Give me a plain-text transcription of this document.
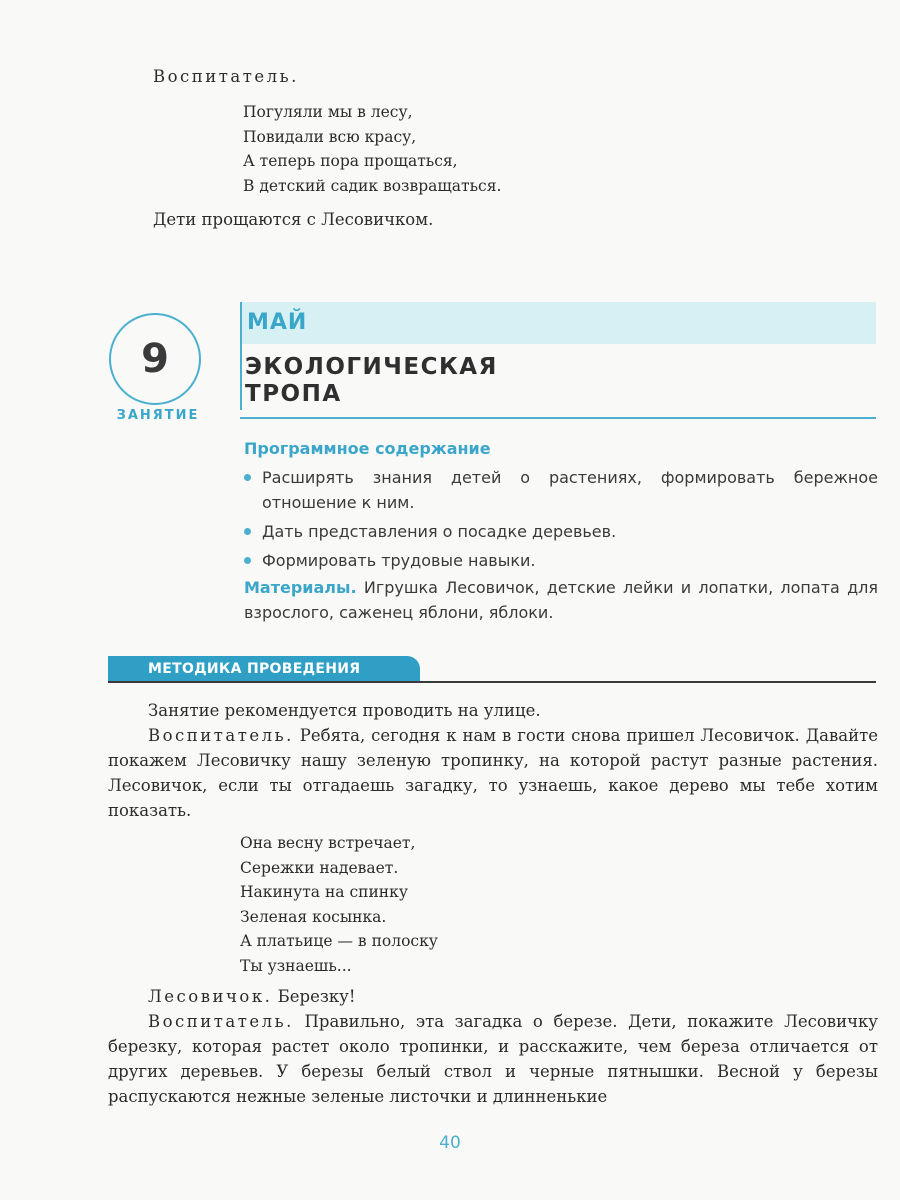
Воспитатель.
Погуляли мы в лесу,
Повидали всю красу,
А теперь пора прощаться,
В детский садик возвращаться.
Дети прощаются с Лесовичком.
9
ЗАНЯТИЕ
МАЙ
ЭКОЛОГИЧЕСКАЯ
ТРОПА
Программное содержание
Расширять знания детей о растениях, формировать бережное отношение к ним.
Дать представления о посадке деревьев.
Формировать трудовые навыки.
Материалы. Игрушка Лесовичок, детские лейки и лопатки, лопата для взрослого, саженец яблони, яблоки.
МЕТОДИКА ПРОВЕДЕНИЯ
Занятие рекомендуется проводить на улице.
Воспитатель. Ребята, сегодня к нам в гости снова пришел Лесовичок. Давайте покажем Лесовичку нашу зеленую тропинку, на которой растут разные растения. Лесовичок, если ты отгадаешь загадку, то узнаешь, какое дерево мы тебе хотим показать.
Она весну встречает,
Сережки надевает.
Накинута на спинку
Зеленая косынка.
А платьице — в полоску
Ты узнаешь...
Лесовичок. Березку!
Воспитатель. Правильно, эта загадка о березе. Дети, покажите Лесовичку березку, которая растет около тропинки, и расскажите, чем береза отличается от других деревьев. У березы белый ствол и черные пятнышки. Весной у березы распускаются нежные зеленые листочки и длинненькие
40
